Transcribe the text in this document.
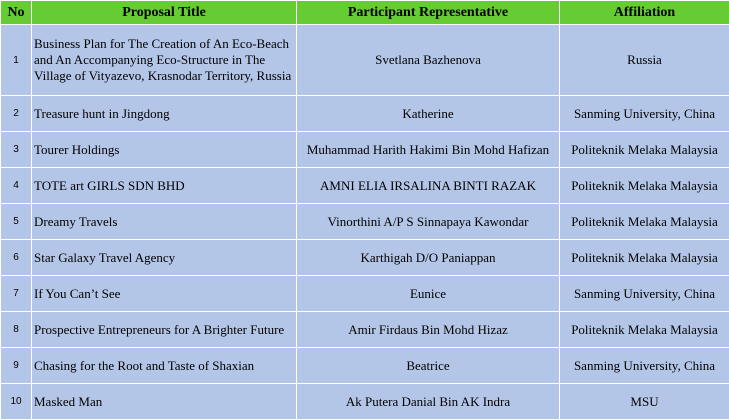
No	Proposal Title	Participant Representative	Affiliation
1	Business Plan for The Creation of An Eco-Beach and An Accompanying Eco-Structure in The Village of Vityazevo, Krasnodar Territory, Russia	Svetlana Bazhenova	Russia
2	Treasure hunt in Jingdong	Katherine	Sanming University, China
3	Tourer Holdings	Muhammad Harith Hakimi Bin Mohd Hafizan	Politeknik Melaka Malaysia
4	TOTE art GIRLS SDN BHD	AMNI ELIA IRSALINA BINTI RAZAK	Politeknik Melaka Malaysia
5	Dreamy Travels	Vinorthini A/P S Sinnapaya Kawondar	Politeknik Melaka Malaysia
6	Star Galaxy Travel Agency	Karthigah D/O Paniappan	Politeknik Melaka Malaysia
7	If You Can’t See	Eunice	Sanming University, China
8	Prospective Entrepreneurs for A Brighter Future	Amir Firdaus Bin Mohd Hizaz	Politeknik Melaka Malaysia
9	Chasing for the Root and Taste of Shaxian	Beatrice	Sanming University, China
10	Masked Man	Ak Putera Danial Bin AK Indra	MSU
